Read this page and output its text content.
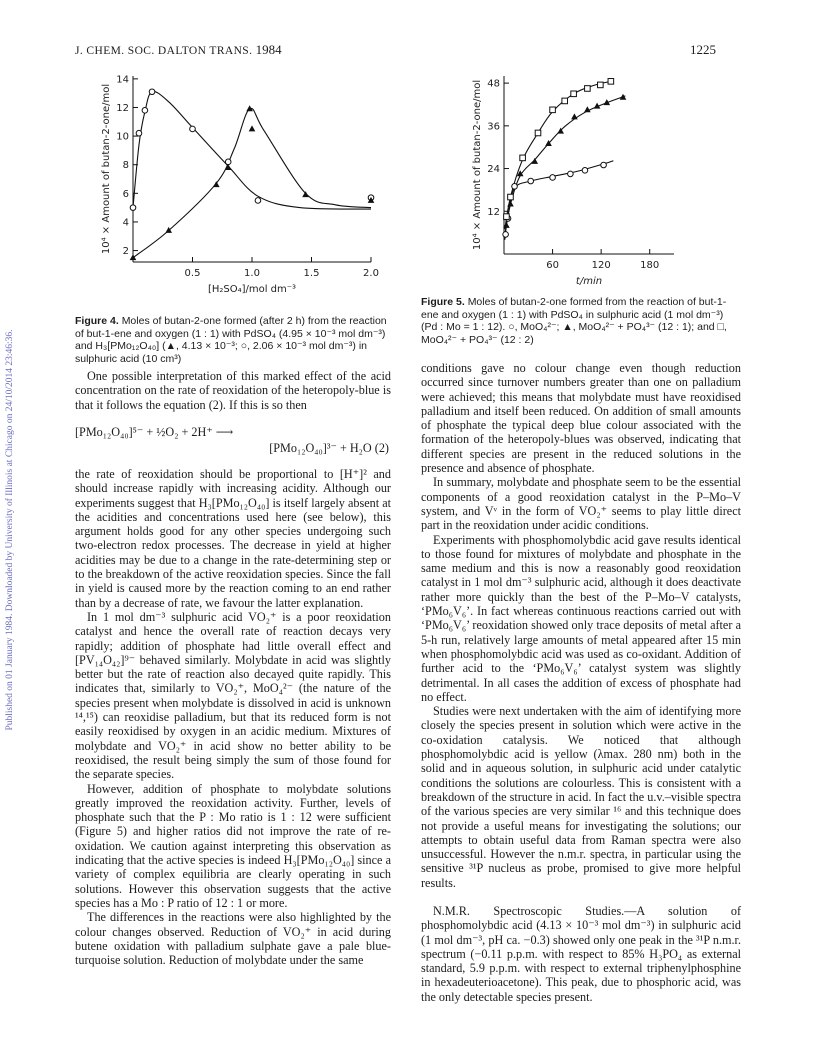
Published on 01 January 1984. Downloaded by University of Illinois at Chicago on 24/10/2014 23:46:36.
J. CHEM. SOC. DALTON TRANS. 1984	1225
2
4
6
8
10
12
14
0.5	1.0	1.5	2.0
[H₂SO₄]/mol dm⁻³
10⁴ × Amount of butan-2-one/mol
Figure 4. Moles of butan-2-one formed (after 2 h) from the reaction of but-1-ene and oxygen (1 : 1) with PdSO₄ (4.95 × 10⁻³ mol dm⁻³) and H₃[PMo₁₂O₄₀] (▲, 4.13 × 10⁻³; ○, 2.06 × 10⁻³ mol dm⁻³) in sulphuric acid (10 cm³)
12
24
36
48
60	120	180
t/min
10⁴ × Amount of butan-2-one/mol
Figure 5. Moles of butan-2-one formed from the reaction of but-1-ene and oxygen (1 : 1) with PdSO₄ in sulphuric acid (1 mol dm⁻³) (Pd : Mo = 1 : 12). ○, MoO₄²⁻; ▲, MoO₄²⁻ + PO₄³⁻ (12 : 1); and □, MoO₄²⁻ + PO₄³⁻ (12 : 2)

One possible interpretation of this marked effect of the acid concentration on the rate of reoxidation of the heteropoly-blue is that it follows the equation (2). If this is so then

[PMo₁₂O₄₀]⁵⁻ + ½O₂ + 2H⁺ ⟶
[PMo₁₂O₄₀]³⁻ + H₂O (2)

the rate of reoxidation should be proportional to [H⁺]² and should increase rapidly with increasing acidity. Although our experiments suggest that H₃[PMo₁₂O₄₀] is itself largely absent at the acidities and concentrations used here (see below), this argument holds good for any other species undergoing such two-electron redox processes. The decrease in yield at higher acidities may be due to a change in the rate-determining step or to the breakdown of the active reoxidation species. Since the fall in yield is caused more by the reaction coming to an end rather than by a decrease of rate, we favour the latter explanation.

In 1 mol dm⁻³ sulphuric acid VO₂⁺ is a poor reoxidation catalyst and hence the overall rate of reaction decays very rapidly; addition of phosphate had little overall effect and [PV₁₄O₄₂]⁹⁻ behaved similarly. Molybdate in acid was slightly better but the rate of reaction also decayed quite rapidly. This indicates that, similarly to VO₂⁺, MoO₄²⁻ (the nature of the species present when molybdate is dissolved in acid is unknown ¹⁴,¹⁵) can reoxidise palladium, but that its reduced form is not easily reoxidised by oxygen in an acidic medium. Mixtures of molybdate and VO₂⁺ in acid show no better ability to be reoxidised, the result being simply the sum of those found for the separate species.

However, addition of phosphate to molybdate solutions greatly improved the reoxidation activity. Further, levels of phosphate such that the P : Mo ratio is 1 : 12 were sufficient (Figure 5) and higher ratios did not improve the rate of re-oxidation. We caution against interpreting this observation as indicating that the active species is indeed H₃[PMo₁₂O₄₀] since a variety of complex equilibria are clearly operating in such solutions. However this observation suggests that the active species has a Mo : P ratio of 12 : 1 or more.

The differences in the reactions were also highlighted by the colour changes observed. Reduction of VO₂⁺ in acid during butene oxidation with palladium sulphate gave a pale blue-turquoise solution. Reduction of molybdate under the same

conditions gave no colour change even though reduction occurred since turnover numbers greater than one on palladium were achieved; this means that molybdate must have reoxidised palladium and itself been reduced. On addition of small amounts of phosphate the typical deep blue colour associated with the formation of the heteropoly-blues was observed, indicating that different species are present in the reduced solutions in the presence and absence of phosphate.

In summary, molybdate and phosphate seem to be the essential components of a good reoxidation catalyst in the P–Mo–V system, and Vᵛ in the form of VO₂⁺ seems to play little direct part in the reoxidation under acidic conditions.

Experiments with phosphomolybdic acid gave results identical to those found for mixtures of molybdate and phosphate in the same medium and this is now a reasonably good reoxidation catalyst in 1 mol dm⁻³ sulphuric acid, although it does deactivate rather more quickly than the best of the P–Mo–V catalysts, ‘PMo₆V₆’. In fact whereas continuous reactions carried out with ‘PMo₆V₆’ reoxidation showed only trace deposits of metal after a 5-h run, relatively large amounts of metal appeared after 15 min when phosphomolybdic acid was used as co-oxidant. Addition of further acid to the ‘PMo₆V₆’ catalyst system was slightly detrimental. In all cases the addition of excess of phosphate had no effect.

Studies were next undertaken with the aim of identifying more closely the species present in solution which were active in the co-oxidation catalysis. We noticed that although phosphomolybdic acid is yellow (λmax. 280 nm) both in the solid and in aqueous solution, in sulphuric acid under catalytic conditions the solutions are colourless. This is consistent with a breakdown of the structure in acid. In fact the u.v.–visible spectra of the various species are very similar ¹⁶ and this technique does not provide a useful means for investigating the solutions; our attempts to obtain useful data from Raman spectra were also unsuccessful. However the n.m.r. spectra, in particular using the sensitive ³¹P nucleus as probe, promised to give more helpful results.

N.M.R. Spectroscopic Studies.—A solution of phosphomolybdic acid (4.13 × 10⁻³ mol dm⁻³) in sulphuric acid (1 mol dm⁻³, pH ca. −0.3) showed only one peak in the ³¹P n.m.r. spectrum (−0.11 p.p.m. with respect to 85% H₃PO₄ as external standard, 5.9 p.p.m. with respect to external triphenylphosphine in hexadeuterioacetone). This peak, due to phosphoric acid, was the only detectable species present.
